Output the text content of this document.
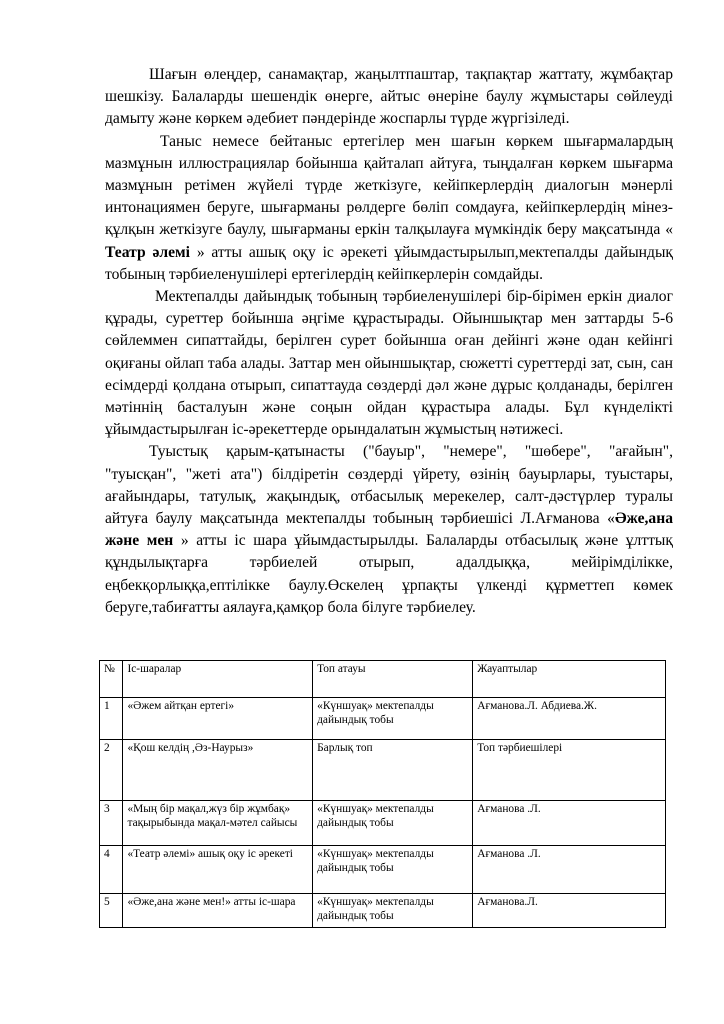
Шағын өлеңдер, санамақтар, жаңылтпаштар, тақпақтар жаттату, жұмбақтар шешкізу. Балаларды шешендік өнерге, айтыс өнеріне баулу жұмыстары сөйлеуді дамыту және көркем әдебиет пәндерінде жоспарлы түрде жүргізіледі.

Таныс немесе бейтаныс ертегілер мен шағын көркем шығармалардың мазмұнын иллюстрациялар бойынша қайталап айтуға, тыңдалған көркем шығарма мазмұнын ретімен жүйелі түрде жеткізуге, кейіпкерлердің диалогын мәнерлі интонациямен беруге, шығарманы рөлдерге бөліп сомдауға, кейіпкерлердің мінез-құлқын жеткізуге баулу, шығарманы еркін талқылауға мүмкіндік беру мақсатында « Театр әлемі » атты ашық оқу іс әрекеті ұйымдастырылып,мектепалды дайындық тобының тәрбиеленушілері ертегілердің кейіпкерлерін сомдайды.

Мектепалды дайындық тобының тәрбиеленушілері бір-бірімен еркін диалог құрады, суреттер бойынша әңгіме құрастырады. Ойыншықтар мен заттарды 5-6 сөйлеммен сипаттайды, берілген сурет бойынша оған дейінгі және одан кейінгі оқиғаны ойлап таба алады. Заттар мен ойыншықтар, сюжетті суреттерді зат, сын, сан есімдерді қолдана отырып, сипаттауда сөздерді дәл және дұрыс қолданады, берілген мәтіннің басталуын және соңын ойдан құрастыра алады. Бұл күнделікті ұйымдастырылған іс-әрекеттерде орындалатын жұмыстың нәтижесі.

Туыстық қарым-қатынасты ("бауыр", "немере", "шөбере", "ағайын", "туысқан", "жеті ата") білдіретін сөздерді үйрету, өзінің бауырлары, туыстары, ағайындары, татулық, жақындық, отбасылық мерекелер, салт-дәстүрлер туралы айтуға баулу мақсатында мектепалды тобының тәрбиешісі Л.Ағманова «Әже,ана және мен » атты іс шара ұйымдастырылды. Балаларды отбасылық және ұлттық құндылықтарға тәрбиелей отырып, адалдыққа, мейірімділікке, еңбекқорлыққа,ептілікке баулу.Өскелең ұрпақты үлкенді құрметтеп көмек беруге,табиғатты аялауға,қамқор бола білуге тәрбиелеу.

№	Іс-шаралар	Топ атауы	Жауаптылар
1	«Әжем айтқан ертегі»	«Күншуақ» мектепалды дайындық тобы	Ағманова.Л. Абдиева.Ж.
2	«Қош келдің ,Әз-Наурыз»	Барлық топ	Топ тәрбиешілері
3	«Мың бір мақал,жүз бір жұмбақ» тақырыбында мақал-мәтел сайысы	«Күншуақ» мектепалды дайындық тобы	Ағманова .Л.
4	«Театр әлемі» ашық оқу іс әрекеті	«Күншуақ» мектепалды дайындық тобы	Ағманова .Л.
5	«Әже,ана және мен!» атты іс-шара	«Күншуақ» мектепалды дайындық тобы	Ағманова.Л.
